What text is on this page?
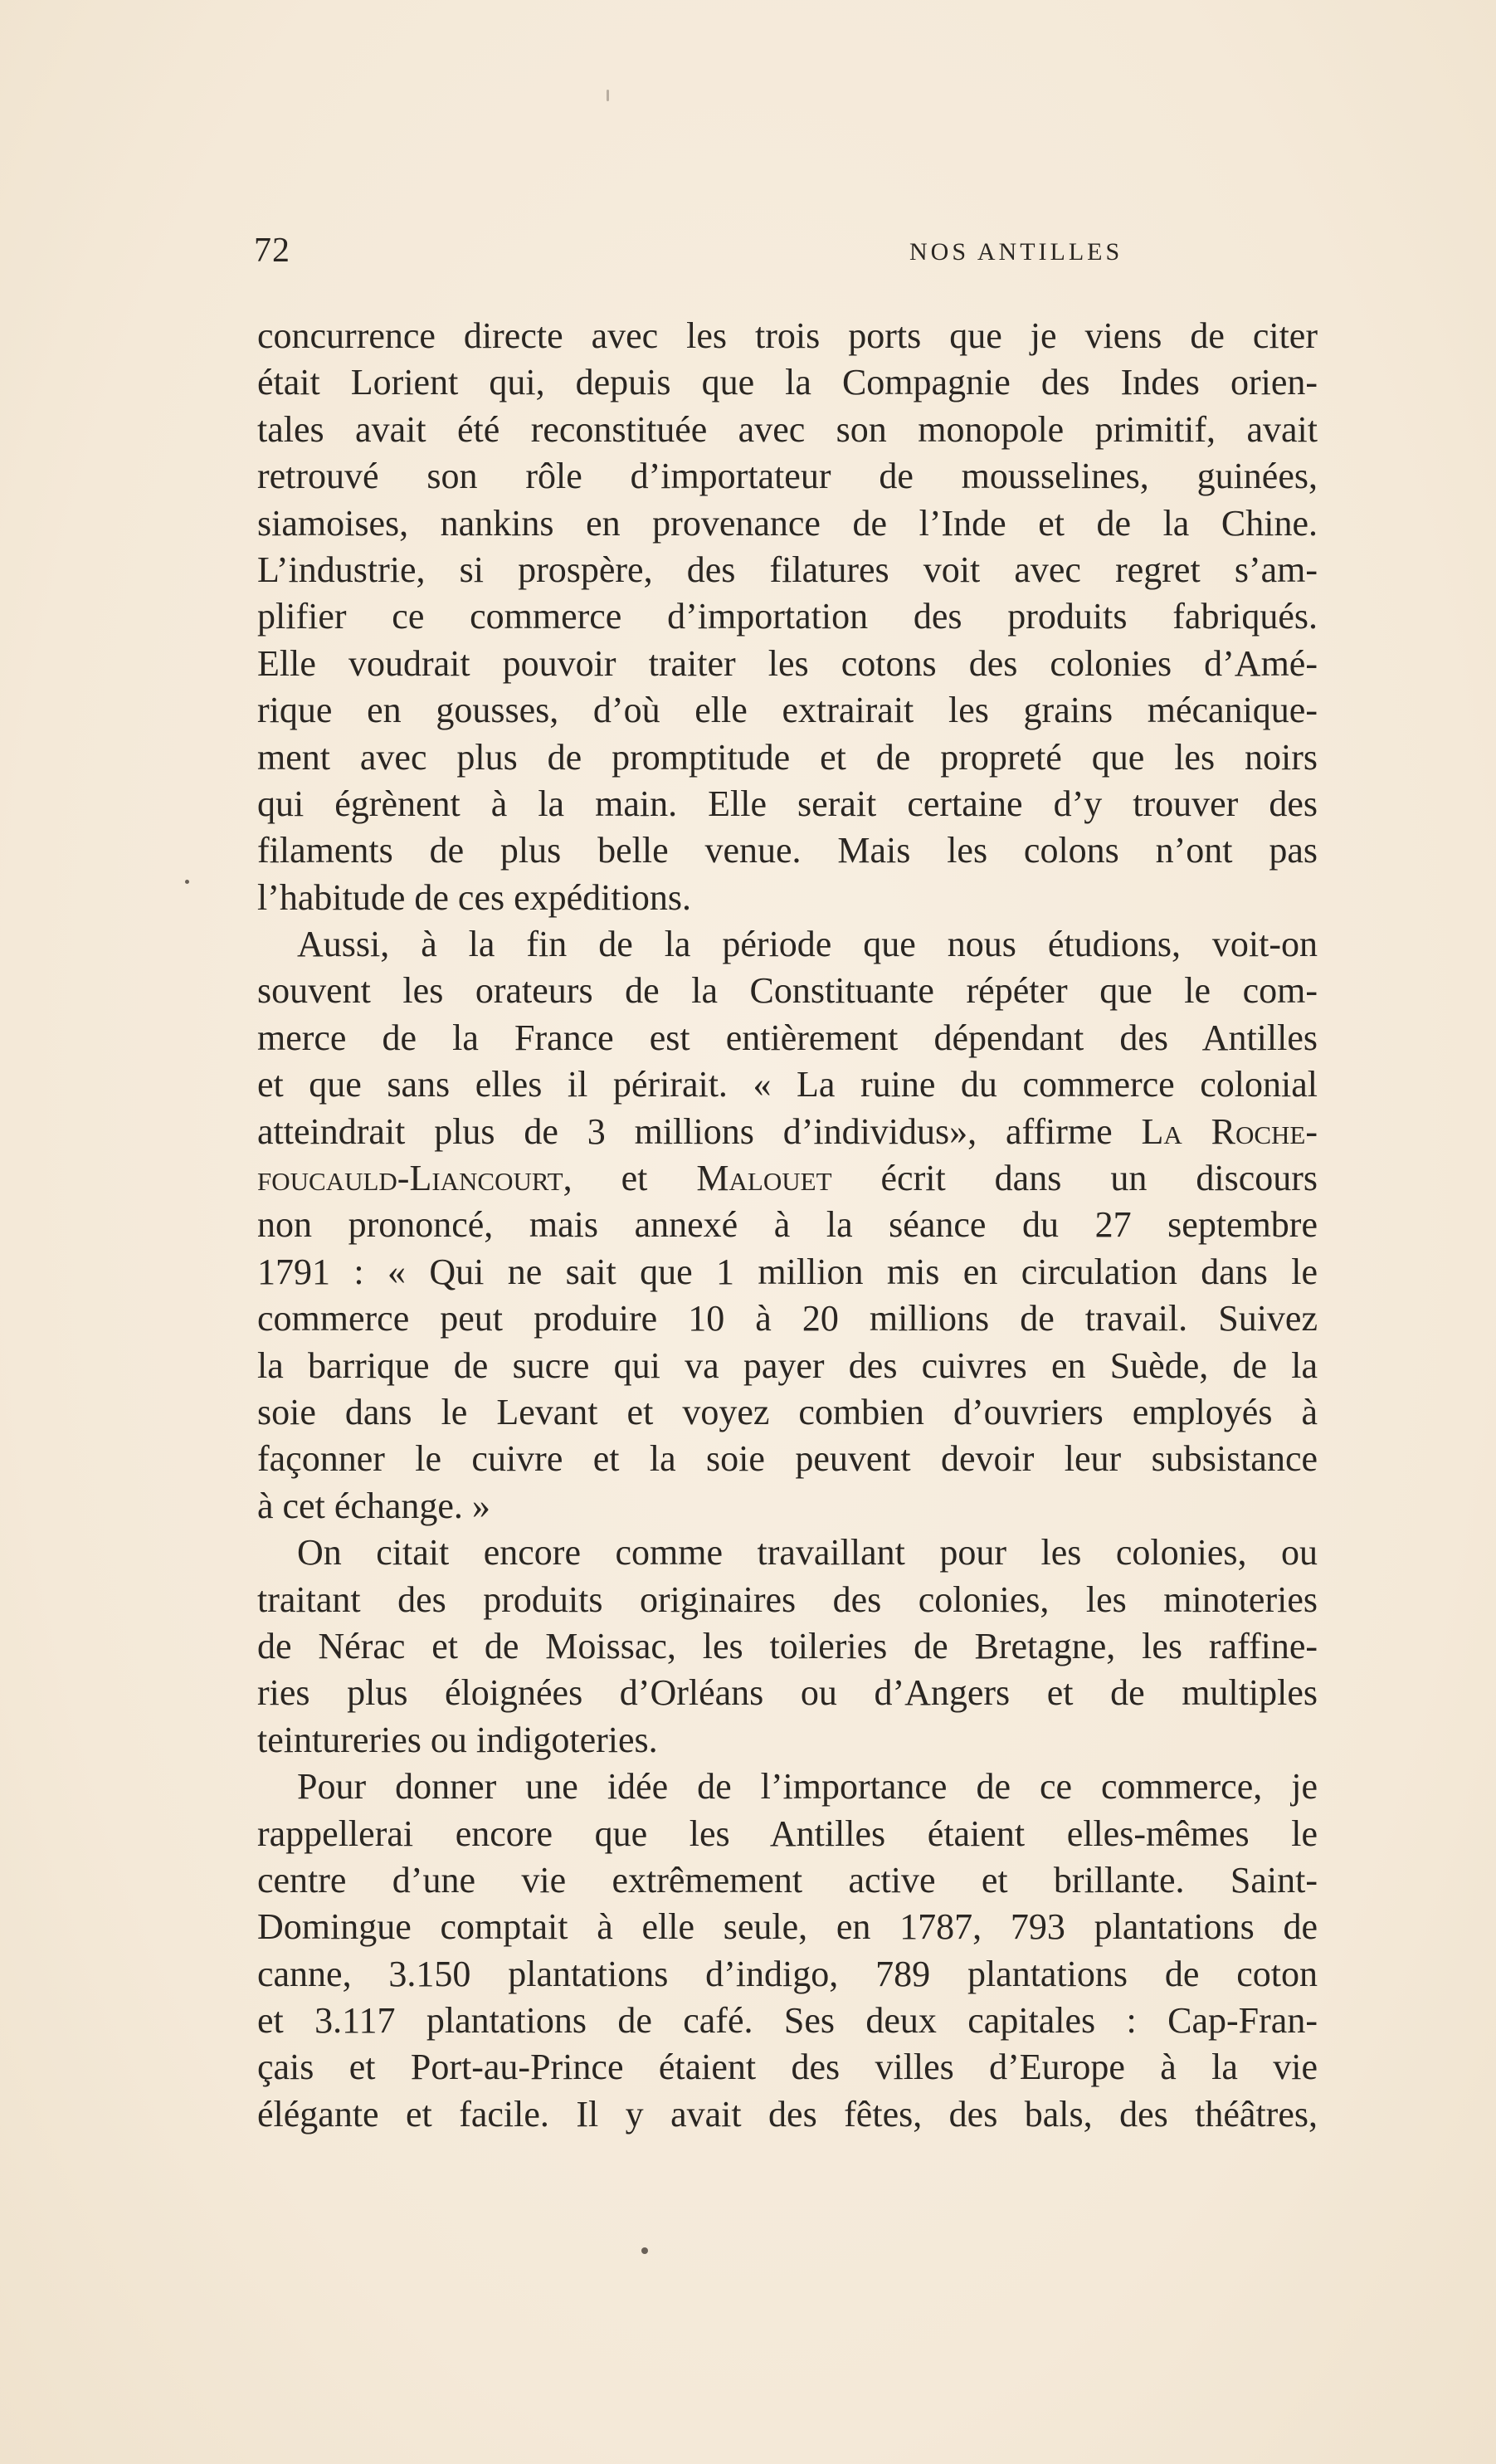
72	NOS ANTILLES
concurrence directe avec les trois ports que je viens de citer
était Lorient qui, depuis que la Compagnie des Indes orien-
tales avait été reconstituée avec son monopole primitif, avait
retrouvé son rôle d’importateur de mousselines, guinées,
siamoises, nankins en provenance de l’Inde et de la Chine.
L’industrie, si prospère, des filatures voit avec regret s’am-
plifier ce commerce d’importation des produits fabriqués.
Elle voudrait pouvoir traiter les cotons des colonies d’Amé-
rique en gousses, d’où elle extrairait les grains mécanique-
ment avec plus de promptitude et de propreté que les noirs
qui égrènent à la main. Elle serait certaine d’y trouver des
filaments de plus belle venue. Mais les colons n’ont pas
l’habitude de ces expéditions.
Aussi, à la fin de la période que nous étudions, voit-on
souvent les orateurs de la Constituante répéter que le com-
merce de la France est entièrement dépendant des Antilles
et que sans elles il périrait. « La ruine du commerce colonial
atteindrait plus de 3 millions d’individus», affirme La Roche-
foucauld-Liancourt, et Malouet écrit dans un discours
non prononcé, mais annexé à la séance du 27 septembre
1791 : « Qui ne sait que 1 million mis en circulation dans le
commerce peut produire 10 à 20 millions de travail. Suivez
la barrique de sucre qui va payer des cuivres en Suède, de la
soie dans le Levant et voyez combien d’ouvriers employés à
façonner le cuivre et la soie peuvent devoir leur subsistance
à cet échange. »
On citait encore comme travaillant pour les colonies, ou
traitant des produits originaires des colonies, les minoteries
de Nérac et de Moissac, les toileries de Bretagne, les raffine-
ries plus éloignées d’Orléans ou d’Angers et de multiples
teintureries ou indigoteries.
Pour donner une idée de l’importance de ce commerce, je
rappellerai encore que les Antilles étaient elles-mêmes le
centre d’une vie extrêmement active et brillante. Saint-
Domingue comptait à elle seule, en 1787, 793 plantations de
canne, 3.150 plantations d’indigo, 789 plantations de coton
et 3.117 plantations de café. Ses deux capitales : Cap-Fran-
çais et Port-au-Prince étaient des villes d’Europe à la vie
élégante et facile. Il y avait des fêtes, des bals, des théâtres,
